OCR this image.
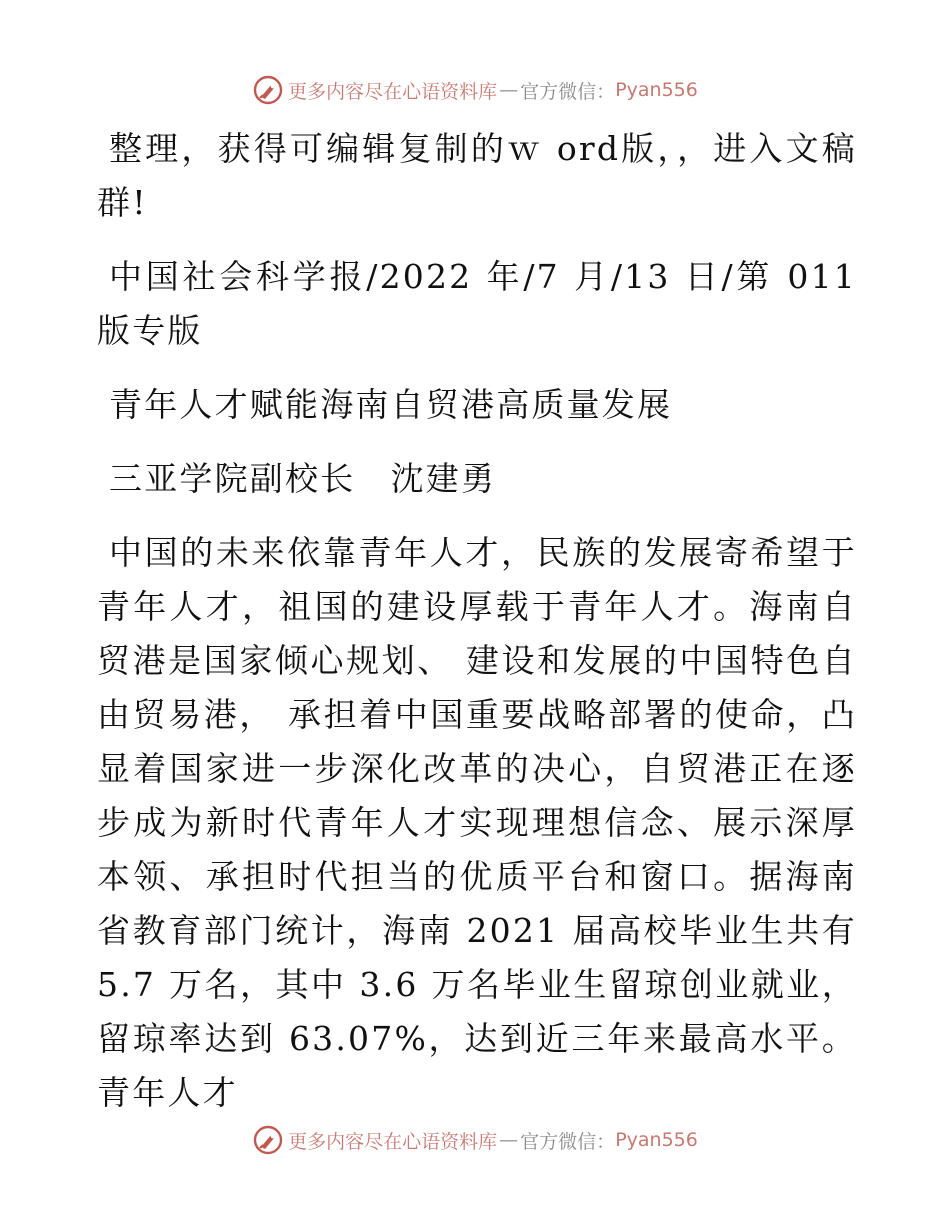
更多内容尽在心语资料库 — 官方微信： Pyan556

整理，获得可编辑复制的ｗ ord版，，进入文稿群!

中国社会科学报/2022 年/7 月/13 日/第 011 版专版

青年人才赋能海南自贸港高质量发展

三亚学院副校长　沈建勇

中国的未来依靠青年人才，民族的发展寄希望于青年人才，祖国的建设厚载于青年人才。海南自贸港是国家倾心规划、 建设和发展的中国特色自由贸易港， 承担着中国重要战略部署的使命，凸显着国家进一步深化改革的决心，自贸港正在逐步成为新时代青年人才实现理想信念、展示深厚本领、承担时代担当的优质平台和窗口。据海南省教育部门统计，海南 2021 届高校毕业生共有 5.7 万名，其中 3.6 万名毕业生留琼创业就业，留琼率达到 63.07%，达到近三年来最高水平。青年人才

更多内容尽在心语资料库 — 官方微信： Pyan556
